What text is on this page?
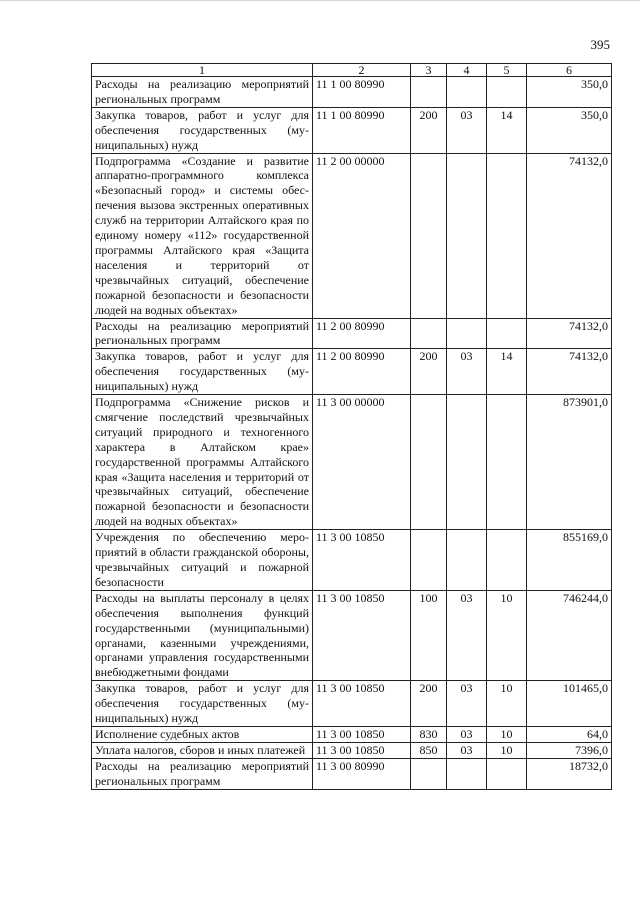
395
1	2	3	4	5	6
Расходы на реализацию мероприятий региональных программ	11 1 00 80990				350,0
Закупка товаров, работ и услуг для обеспечения государственных (муниципальных) нужд	11 1 00 80990	200	03	14	350,0
Подпрограмма «Создание и развитие аппаратно-программного комплекса «Безопасный город» и системы обеспечения вызова экстренных оперативных служб на территории Алтайского края по единому номеру «112» государственной программы Алтайского края «Защита населения и территорий от чрезвычайных ситуаций, обеспечение пожарной безопасности и безопасности людей на водных объектах»	11 2 00 00000				74132,0
Расходы на реализацию мероприятий региональных программ	11 2 00 80990				74132,0
Закупка товаров, работ и услуг для обеспечения государственных (муниципальных) нужд	11 2 00 80990	200	03	14	74132,0
Подпрограмма «Снижение рисков и смягчение последствий чрезвычайных ситуаций природного и техногенного характера в Алтайском крае» государственной программы Алтайского края «Защита населения и территорий от чрезвычайных ситуаций, обеспечение пожарной безопасности и безопасности людей на водных объектах»	11 3 00 00000				873901,0
Учреждения по обеспечению мероприятий в области гражданской обороны, чрезвычайных ситуаций и пожарной безопасности	11 3 00 10850				855169,0
Расходы на выплаты персоналу в целях обеспечения выполнения функций государственными (муниципальными) органами, казенными учреждениями, органами управления государственными внебюджетными фондами	11 3 00 10850	100	03	10	746244,0
Закупка товаров, работ и услуг для обеспечения государственных (муниципальных) нужд	11 3 00 10850	200	03	10	101465,0
Исполнение судебных актов	11 3 00 10850	830	03	10	64,0
Уплата налогов, сборов и иных платежей	11 3 00 10850	850	03	10	7396,0
Расходы на реализацию мероприятий региональных программ	11 3 00 80990				18732,0
